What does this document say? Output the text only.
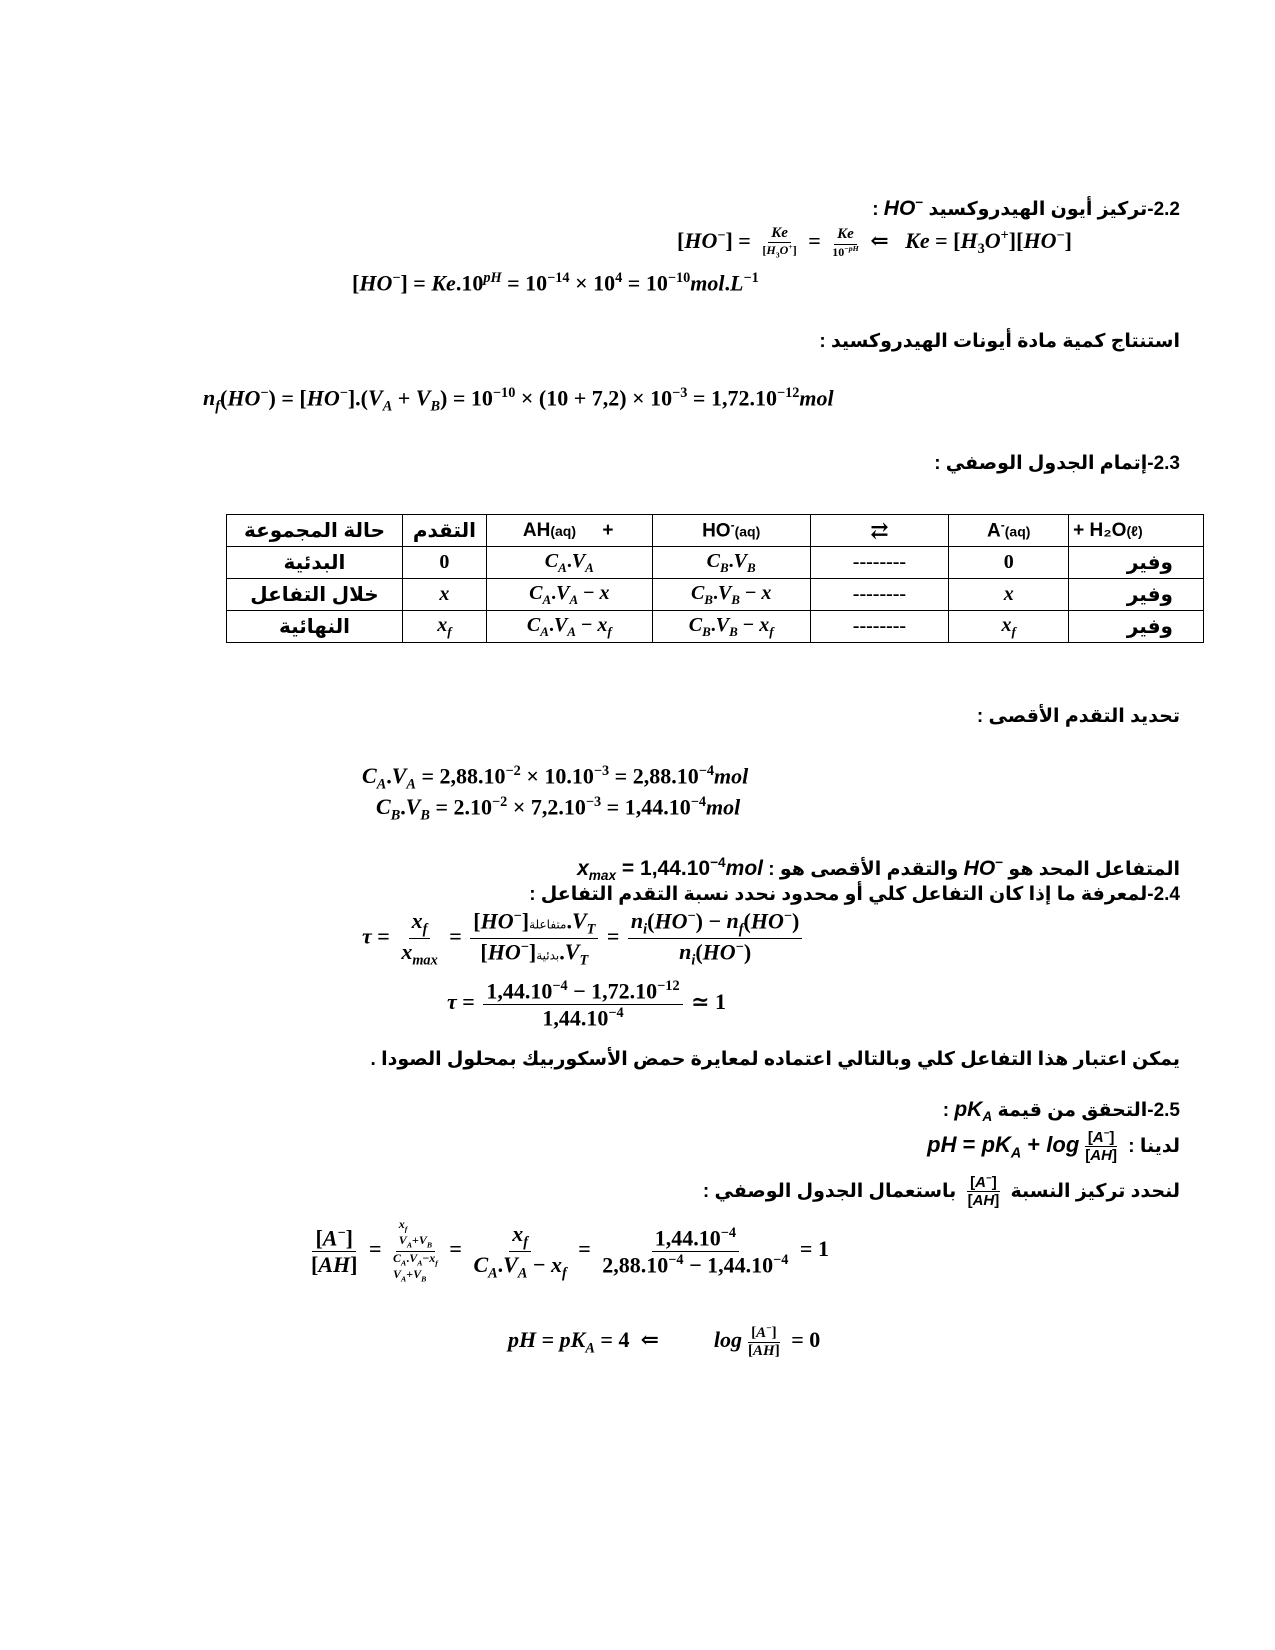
2.2-تركيز أيون الهيدروكسيد HO− :
$[HO^-] = \frac{Ke}{[H_3O^+]} = \frac{Ke}{10^{-pH}}$ ⇐   $Ke = [H_3O^+][HO^-]$
$[HO^-] = Ke.10^{pH} = 10^{-14} \times 10^4 = 10^{-10}mol.L^{-1}$
استنتاج كمية مادة أيونات الهيدروكسيد :
$n_f(HO^-) = [HO^-].(V_A + V_B) = 10^{-10} \times (10 + 7,2) \times 10^{-3} = 1,72.10^{-12}mol$
2.3-إتمام الجدول الوصفي :
حالة المجموعة	التقدم	AH(aq) +	HO-(aq)	⇄	A-(aq)	+ H₂O(ℓ)
البدئية	0	$C_A.V_A$	$C_B.V_B$	--------	0	وفير
خلال التفاعل	x	$C_A.V_A - x$	$C_B.V_B - x$	--------	x	وفير
النهائية	$x_f$	$C_A.V_A - x_f$	$C_B.V_B - x_f$	--------	$x_f$	وفير
تحديد التقدم الأقصى :
$C_A.V_A = 2,88.10^{-2} \times 10.10^{-3} = 2,88.10^{-4}mol$
$C_B.V_B = 2.10^{-2} \times 7,2.10^{-3} = 1,44.10^{-4}mol$
المتفاعل المحد هو HO− والتقدم الأقصى هو : $x_{max} = 1,44.10^{-4}mol$
2.4-لمعرفة ما إذا كان التفاعل كلي أو محدود نحدد نسبة التقدم التفاعل :
$\tau = \frac{x_f}{x_{max}} = \frac{[HO^-]متفاعلة.V_T}{[HO^-]بدئية.V_T} = \frac{n_i(HO^-) - n_f(HO^-)}{n_i(HO^-)}$
$\tau = \frac{1,44.10^{-4} - 1,72.10^{-12}}{1,44.10^{-4}}$ ≃ 1
يمكن اعتبار هذا التفاعل كلي وبالتالي اعتماده لمعايرة حمض الأسكوربيك بمحلول الصودا .
2.5-التحقق من قيمة $pK_A$ :
لدينا : pH = $pK_A + \log \frac{[A^-]}{[AH]}$
لنحدد تركيز النسبة
$\frac{[A^-]}{[AH]}$
باستعمال الجدول الوصفي :
$\frac{[A^-]}{[AH]}$ =
$x_f$
$V_A+V_B$
$C_A.V_A-x_f$
$V_A+V_B$
= $\frac{x_f}{C_A.V_A - x_f} = \frac{1,44.10^{-4}}{2,88.10^{-4} - 1,44.10^{-4}} = 1$
pH = $pK_A = 4$  ⇐          $\log \frac{[A^-]}{[AH]} = 0$
